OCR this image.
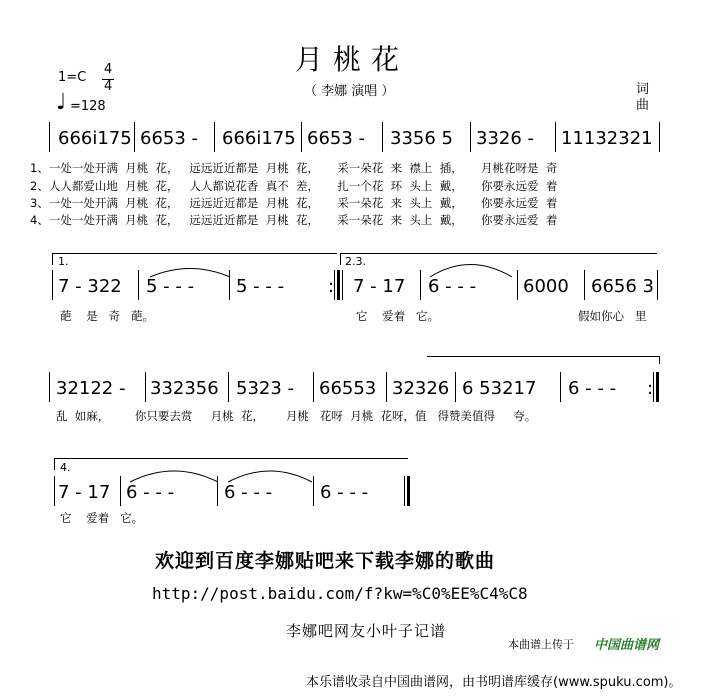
月桃花
（ 李娜 演唱 ）
1=C
4
4
♩ =128
词
曲
666i175 6653 - 666i175 6653 - 3356 5 3326 - 11132321
1、一处一处开满  月桃  花，   远远近近都是  月桃  花，     采一朵花  来  襟上  插，     月桃花呀是  奇
2、人人都爱山地  月桃  花，   人人都说花香  真不  差，     扎一个花  环  头上  戴，     你要永远爱  着
3、一处一处开满  月桃  花，   远远近近都是  月桃  花，     采一朵花  来  头上  戴，     你要永远爱  着
4、一处一处开满  月桃  花，   远远近近都是  月桃  花，     采一朵花  来  头上  戴，     你要永远爱  着
1.	2.3.
7 - 322 5 - - - 5 - - - : 7 - 17 6 - - -	6000 6656 3
葩    是   奇   葩。	它    爱着   它。	假如你心   里
32122 - 332356 5323 - 66553 32326 6 53217 6 - - - :
乱  如麻，       你只要去赏     月桃  花，      月桃   花呀  月桃  花呀，值   得赞美值得     夸。
4.
7 - 17 6 - - -	6 - - -	6 - - -
它    爱着   它。
欢迎到百度李娜贴吧来下载李娜的歌曲
http://post.baidu.com/f?kw=%C0%EE%C4%C8
李娜吧网友小叶子记谱
本曲谱上传于 中国曲谱网
本乐谱收录自中国曲谱网，由书明谱库缓存(www.spuku.com)。
